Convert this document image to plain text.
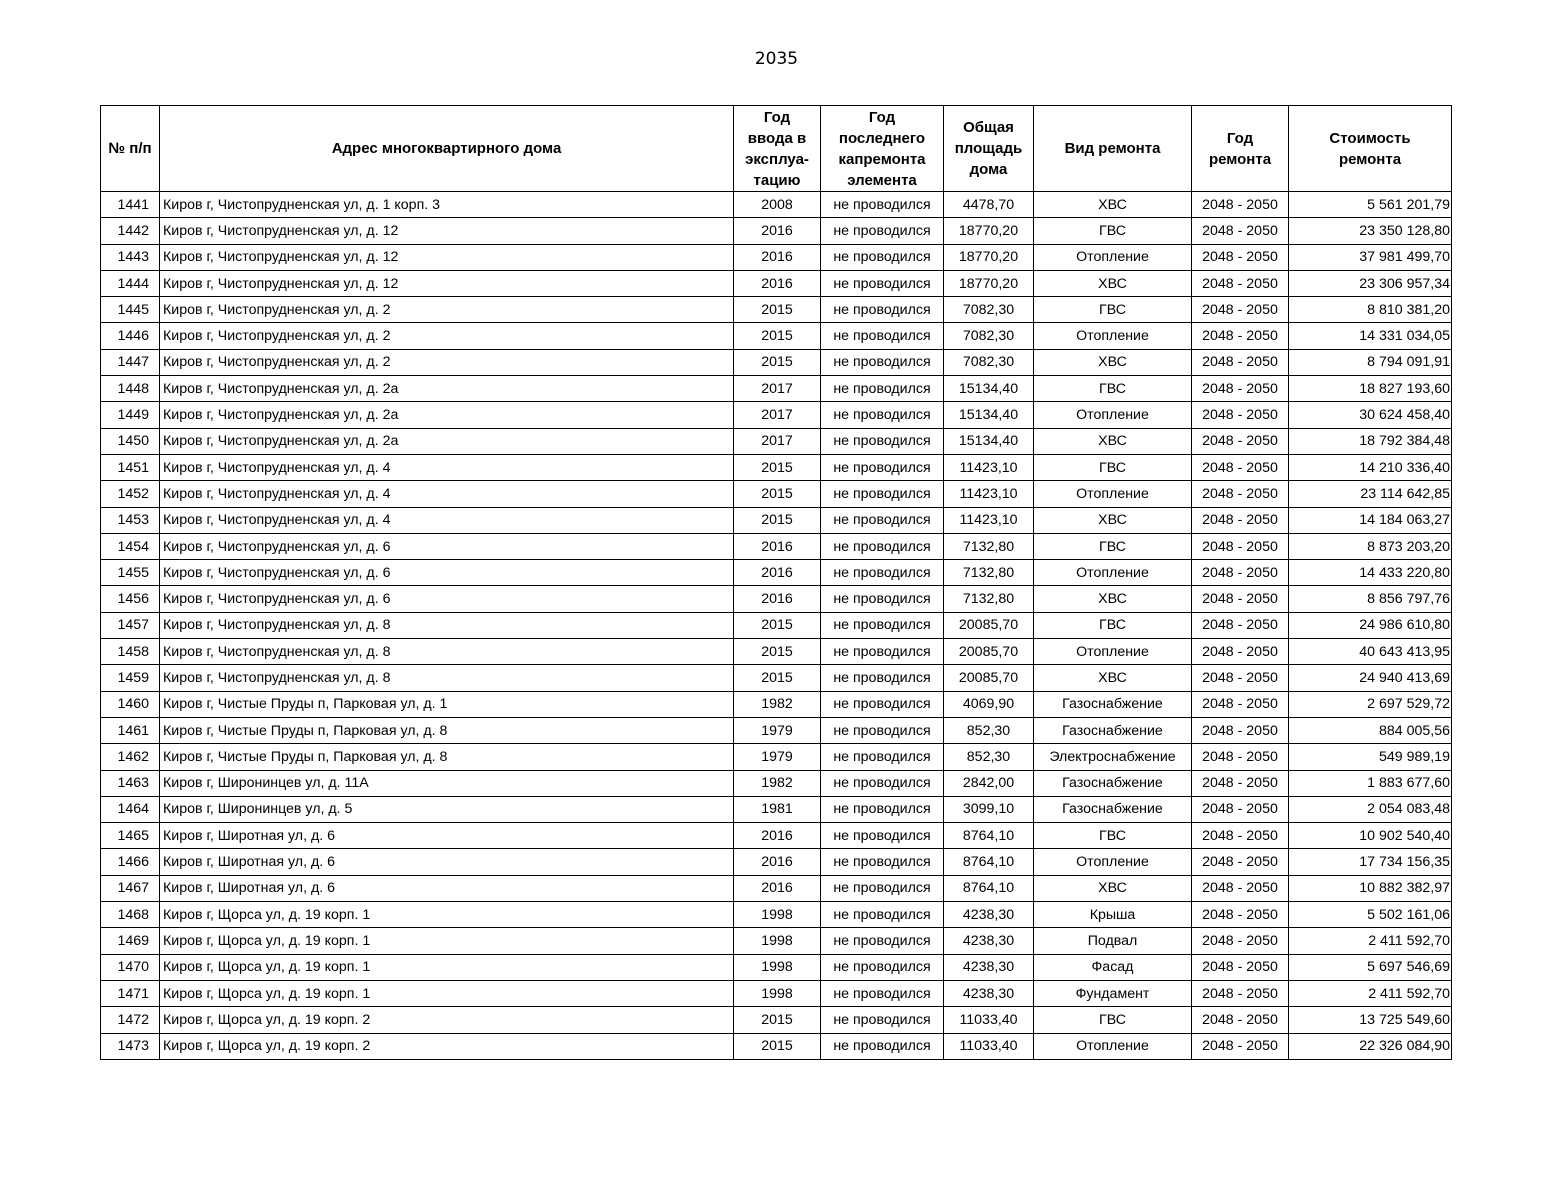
2035
№ п/п	Адрес многоквартирного дома	Год
ввода в
эксплуа-
тацию	Год
последнего
капремонта
элемента	Общая
площадь
дома	Вид ремонта	Год
ремонта	Стоимость
ремонта
1441	Киров г, Чистопрудненская ул, д. 1 корп. 3	2008	не проводился	4478,70	ХВС	2048 - 2050	5 561 201,79
1442	Киров г, Чистопрудненская ул, д. 12	2016	не проводился	18770,20	ГВС	2048 - 2050	23 350 128,80
1443	Киров г, Чистопрудненская ул, д. 12	2016	не проводился	18770,20	Отопление	2048 - 2050	37 981 499,70
1444	Киров г, Чистопрудненская ул, д. 12	2016	не проводился	18770,20	ХВС	2048 - 2050	23 306 957,34
1445	Киров г, Чистопрудненская ул, д. 2	2015	не проводился	7082,30	ГВС	2048 - 2050	8 810 381,20
1446	Киров г, Чистопрудненская ул, д. 2	2015	не проводился	7082,30	Отопление	2048 - 2050	14 331 034,05
1447	Киров г, Чистопрудненская ул, д. 2	2015	не проводился	7082,30	ХВС	2048 - 2050	8 794 091,91
1448	Киров г, Чистопрудненская ул, д. 2а	2017	не проводился	15134,40	ГВС	2048 - 2050	18 827 193,60
1449	Киров г, Чистопрудненская ул, д. 2а	2017	не проводился	15134,40	Отопление	2048 - 2050	30 624 458,40
1450	Киров г, Чистопрудненская ул, д. 2а	2017	не проводился	15134,40	ХВС	2048 - 2050	18 792 384,48
1451	Киров г, Чистопрудненская ул, д. 4	2015	не проводился	11423,10	ГВС	2048 - 2050	14 210 336,40
1452	Киров г, Чистопрудненская ул, д. 4	2015	не проводился	11423,10	Отопление	2048 - 2050	23 114 642,85
1453	Киров г, Чистопрудненская ул, д. 4	2015	не проводился	11423,10	ХВС	2048 - 2050	14 184 063,27
1454	Киров г, Чистопрудненская ул, д. 6	2016	не проводился	7132,80	ГВС	2048 - 2050	8 873 203,20
1455	Киров г, Чистопрудненская ул, д. 6	2016	не проводился	7132,80	Отопление	2048 - 2050	14 433 220,80
1456	Киров г, Чистопрудненская ул, д. 6	2016	не проводился	7132,80	ХВС	2048 - 2050	8 856 797,76
1457	Киров г, Чистопрудненская ул, д. 8	2015	не проводился	20085,70	ГВС	2048 - 2050	24 986 610,80
1458	Киров г, Чистопрудненская ул, д. 8	2015	не проводился	20085,70	Отопление	2048 - 2050	40 643 413,95
1459	Киров г, Чистопрудненская ул, д. 8	2015	не проводился	20085,70	ХВС	2048 - 2050	24 940 413,69
1460	Киров г, Чистые Пруды п, Парковая ул, д. 1	1982	не проводился	4069,90	Газоснабжение	2048 - 2050	2 697 529,72
1461	Киров г, Чистые Пруды п, Парковая ул, д. 8	1979	не проводился	852,30	Газоснабжение	2048 - 2050	884 005,56
1462	Киров г, Чистые Пруды п, Парковая ул, д. 8	1979	не проводился	852,30	Электроснабжение	2048 - 2050	549 989,19
1463	Киров г, Широнинцев ул, д. 11А	1982	не проводился	2842,00	Газоснабжение	2048 - 2050	1 883 677,60
1464	Киров г, Широнинцев ул, д. 5	1981	не проводился	3099,10	Газоснабжение	2048 - 2050	2 054 083,48
1465	Киров г, Широтная ул, д. 6	2016	не проводился	8764,10	ГВС	2048 - 2050	10 902 540,40
1466	Киров г, Широтная ул, д. 6	2016	не проводился	8764,10	Отопление	2048 - 2050	17 734 156,35
1467	Киров г, Широтная ул, д. 6	2016	не проводился	8764,10	ХВС	2048 - 2050	10 882 382,97
1468	Киров г, Щорса ул, д. 19 корп. 1	1998	не проводился	4238,30	Крыша	2048 - 2050	5 502 161,06
1469	Киров г, Щорса ул, д. 19 корп. 1	1998	не проводился	4238,30	Подвал	2048 - 2050	2 411 592,70
1470	Киров г, Щорса ул, д. 19 корп. 1	1998	не проводился	4238,30	Фасад	2048 - 2050	5 697 546,69
1471	Киров г, Щорса ул, д. 19 корп. 1	1998	не проводился	4238,30	Фундамент	2048 - 2050	2 411 592,70
1472	Киров г, Щорса ул, д. 19 корп. 2	2015	не проводился	11033,40	ГВС	2048 - 2050	13 725 549,60
1473	Киров г, Щорса ул, д. 19 корп. 2	2015	не проводился	11033,40	Отопление	2048 - 2050	22 326 084,90
